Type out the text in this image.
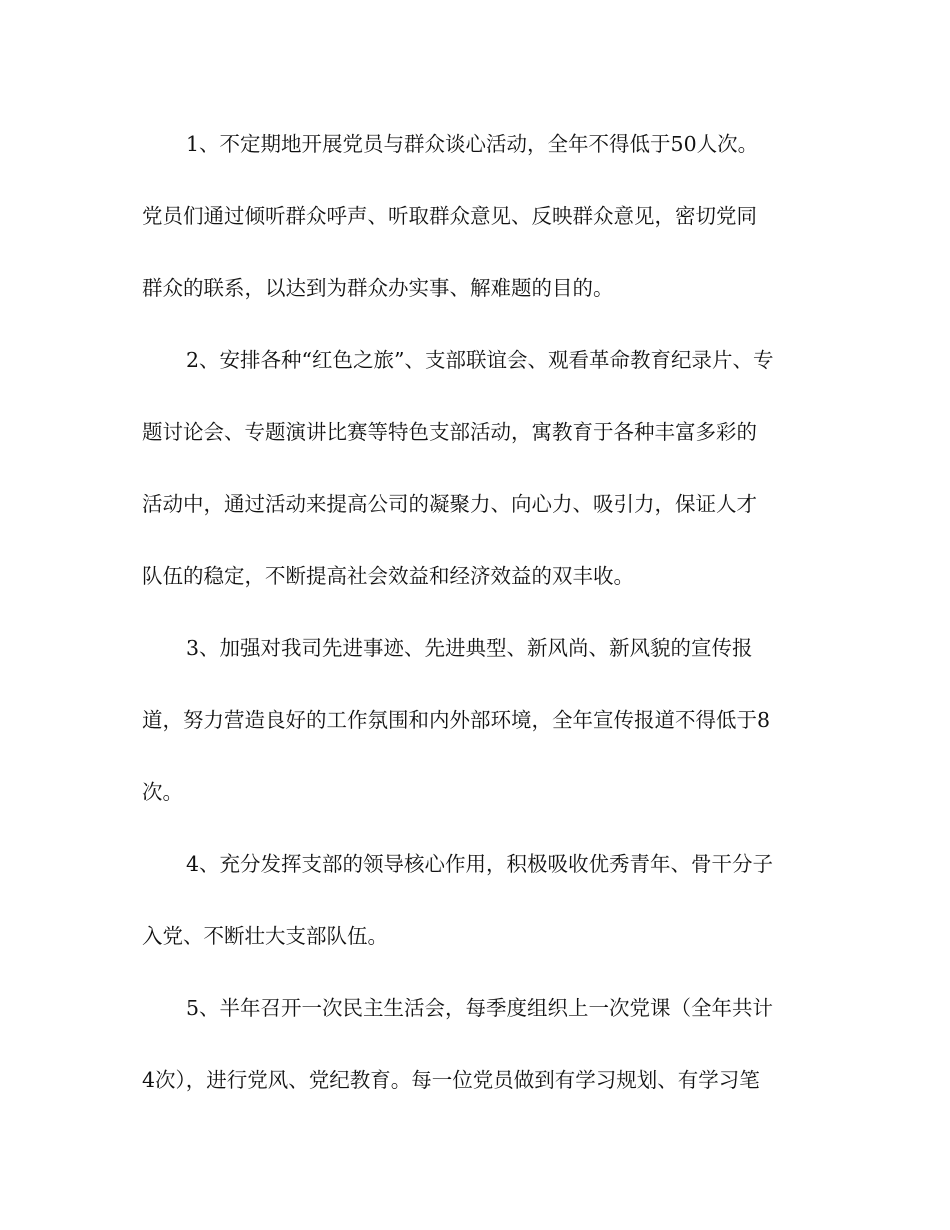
1、不定期地开展党员与群众谈心活动，全年不得低于50人次。
党员们通过倾听群众呼声、听取群众意见、反映群众意见，密切党同
群众的联系，以达到为群众办实事、解难题的目的。
2、安排各种“红色之旅”、支部联谊会、观看革命教育纪录片、专
题讨论会、专题演讲比赛等特色支部活动，寓教育于各种丰富多彩的
活动中，通过活动来提高公司的凝聚力、向心力、吸引力，保证人才
队伍的稳定，不断提高社会效益和经济效益的双丰收。
3、加强对我司先进事迹、先进典型、新风尚、新风貌的宣传报
道，努力营造良好的工作氛围和内外部环境，全年宣传报道不得低于8
次。
4、充分发挥支部的领导核心作用，积极吸收优秀青年、骨干分子
入党、不断壮大支部队伍。
5、半年召开一次民主生活会，每季度组织上一次党课（全年共计
4次），进行党风、党纪教育。每一位党员做到有学习规划、有学习笔
